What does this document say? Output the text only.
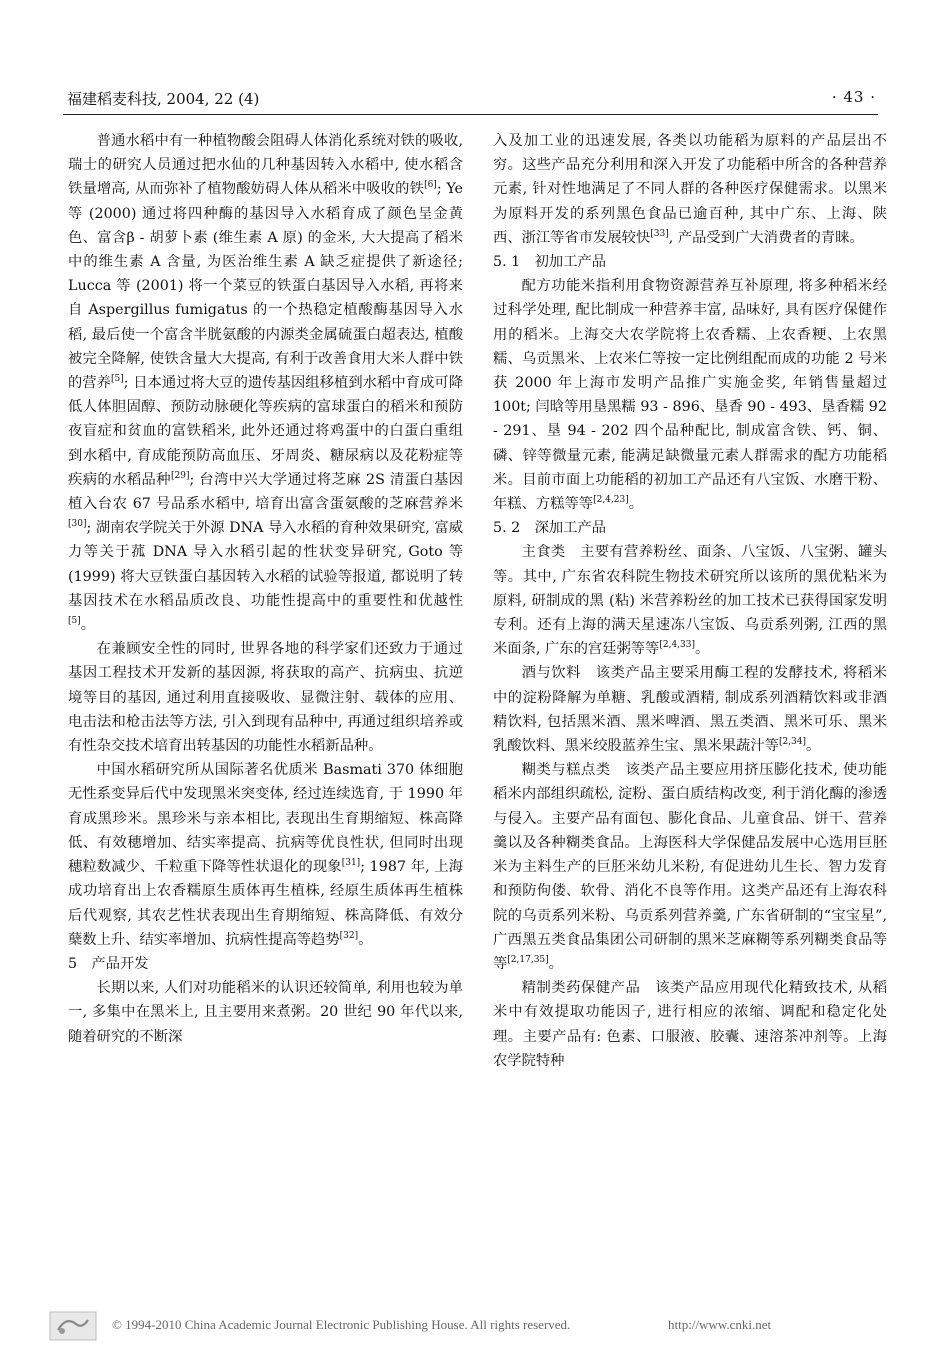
福建稻麦科技, 2004, 22 (4)	· 43 ·

普通水稻中有一种植物酸会阻碍人体消化系统对铁的吸收, 瑞士的研究人员通过把水仙的几种基因转入水稻中, 使水稻含铁量增高, 从而弥补了植物酸妨碍人体从稻米中吸收的铁[6]; Ye 等 (2000) 通过将四种酶的基因导入水稻育成了颜色呈金黄色、富含β - 胡萝卜素 (维生素 A 原) 的金米, 大大提高了稻米中的维生素 A 含量, 为医治维生素 A 缺乏症提供了新途径; Lucca 等 (2001) 将一个菜豆的铁蛋白基因导入水稻, 再将来自 Aspergillus fumigatus 的一个热稳定植酸酶基因导入水稻, 最后使一个富含半胱氨酸的内源类金属硫蛋白超表达, 植酸被完全降解, 使铁含量大大提高, 有利于改善食用大米人群中铁的营养[5]; 日本通过将大豆的遗传基因组移植到水稻中育成可降低人体胆固醇、预防动脉硬化等疾病的富球蛋白的稻米和预防夜盲症和贫血的富铁稻米, 此外还通过将鸡蛋中的白蛋白重组到水稻中, 育成能预防高血压、牙周炎、糖尿病以及花粉症等疾病的水稻品种[29]; 台湾中兴大学通过将芝麻 2S 清蛋白基因植入台农 67 号品系水稻中, 培育出富含蛋氨酸的芝麻营养米[30]; 湖南农学院关于外源 DNA 导入水稻的育种效果研究, 富威力等关于菰 DNA 导入水稻引起的性状变异研究, Goto 等 (1999) 将大豆铁蛋白基因转入水稻的试验等报道, 都说明了转基因技术在水稻品质改良、功能性提高中的重要性和优越性[5]。

在兼顾安全性的同时, 世界各地的科学家们还致力于通过基因工程技术开发新的基因源, 将获取的高产、抗病虫、抗逆境等目的基因, 通过利用直接吸收、显微注射、载体的应用、电击法和枪击法等方法, 引入到现有品种中, 再通过组织培养或有性杂交技术培育出转基因的功能性水稻新品种。

中国水稻研究所从国际著名优质米 Basmati 370 体细胞无性系变异后代中发现黑米突变体, 经过连续选育, 于 1990 年育成黑珍米。黑珍米与亲本相比, 表现出生育期缩短、株高降低、有效穗增加、结实率提高、抗病等优良性状, 但同时出现穗粒数减少、千粒重下降等性状退化的现象[31]; 1987 年, 上海成功培育出上农香糯原生质体再生植株, 经原生质体再生植株后代观察, 其农艺性状表现出生育期缩短、株高降低、有效分蘖数上升、结实率增加、抗病性提高等趋势[32]。

5　产品开发

长期以来, 人们对功能稻米的认识还较简单, 利用也较为单一, 多集中在黑米上, 且主要用来煮粥。20 世纪 90 年代以来, 随着研究的不断深

入及加工业的迅速发展, 各类以功能稻为原料的产品层出不穷。这些产品充分利用和深入开发了功能稻中所含的各种营养元素, 针对性地满足了不同人群的各种医疗保健需求。以黑米为原料开发的系列黑色食品已逾百种, 其中广东、上海、陕西、浙江等省市发展较快[33], 产品受到广大消费者的青睐。

5. 1　初加工产品

配方功能米指利用食物资源营养互补原理, 将多种稻米经过科学处理, 配比制成一种营养丰富, 品味好, 具有医疗保健作用的稻米。上海交大农学院将上农香糯、上农香粳、上农黑糯、乌贡黑米、上农米仁等按一定比例组配而成的功能 2 号米获 2000 年上海市发明产品推广实施金奖, 年销售量超过 100t; 闫晗等用垦黑糯 93 - 896、垦香 90 - 493、垦香糯 92 - 291、垦 94 - 202 四个品种配比, 制成富含铁、钙、铜、磷、锌等微量元素, 能满足缺微量元素人群需求的配方功能稻米。目前市面上功能稻的初加工产品还有八宝饭、水磨干粉、年糕、方糕等等[2,4,23]。

5. 2　深加工产品

主食类　主要有营养粉丝、面条、八宝饭、八宝粥、罐头等。其中, 广东省农科院生物技术研究所以该所的黑优粘米为原料, 研制成的黑 (粘) 米营养粉丝的加工技术已获得国家发明专利。还有上海的满天星速冻八宝饭、乌贡系列粥, 江西的黑米面条, 广东的宫廷粥等等[2,4,33]。

酒与饮料　该类产品主要采用酶工程的发酵技术, 将稻米中的淀粉降解为单糖、乳酸或酒精, 制成系列酒精饮料或非酒精饮料, 包括黑米酒、黑米啤酒、黑五类酒、黑米可乐、黑米乳酸饮料、黑米绞股蓝养生宝、黑米果蔬汁等[2,34]。

糊类与糕点类　该类产品主要应用挤压膨化技术, 使功能稻米内部组织疏松, 淀粉、蛋白质结构改变, 利于消化酶的渗透与侵入。主要产品有面包、膨化食品、儿童食品、饼干、营养羹以及各种糊类食品。上海医科大学保健品发展中心选用巨胚米为主料生产的巨胚米幼儿米粉, 有促进幼儿生长、智力发育和预防佝偻、软骨、消化不良等作用。这类产品还有上海农科院的乌贡系列米粉、乌贡系列营养羹, 广东省研制的“宝宝星”, 广西黑五类食品集团公司研制的黑米芝麻糊等系列糊类食品等等[2,17,35]。

精制类药保健产品　该类产品应用现代化精致技术, 从稻米中有效提取功能因子, 进行相应的浓缩、调配和稳定化处理。主要产品有: 色素、口服液、胶囊、速溶茶冲剂等。上海农学院特种

© 1994-2010 China Academic Journal Electronic Publishing House. All rights reserved.	http://www.cnki.net
